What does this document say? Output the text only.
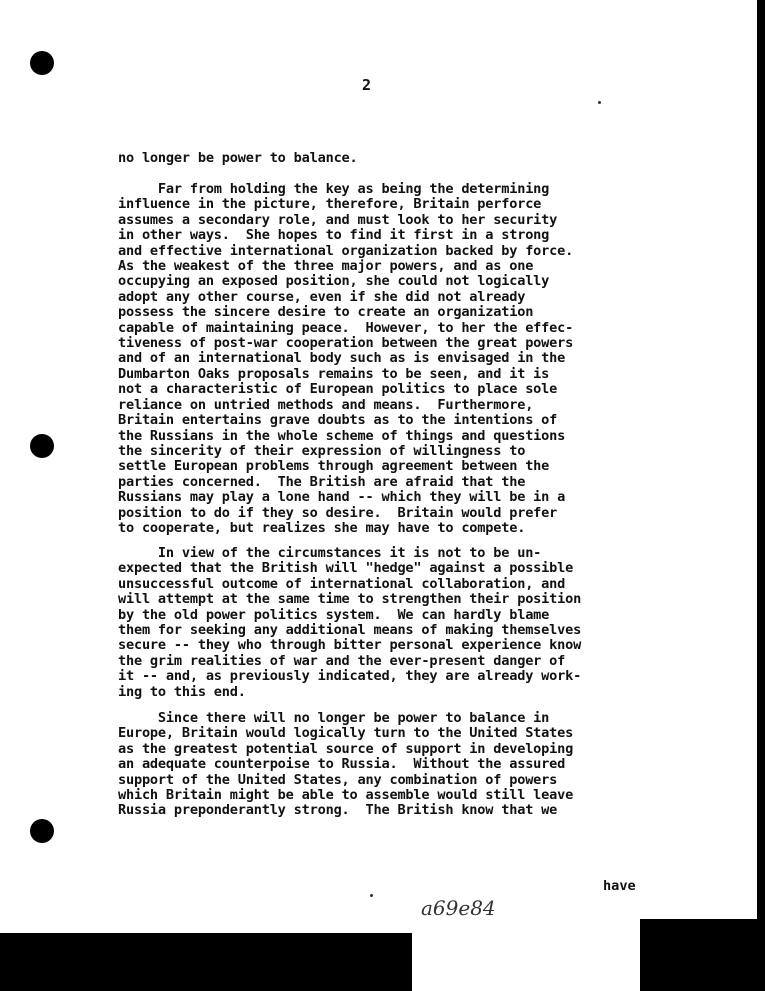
2
no longer be power to balance.
Far from holding the key as being the determining
influence in the picture, therefore, Britain perforce
assumes a secondary role, and must look to her security
in other ways.  She hopes to find it first in a strong
and effective international organization backed by force.
As the weakest of the three major powers, and as one
occupying an exposed position, she could not logically
adopt any other course, even if she did not already
possess the sincere desire to create an organization
capable of maintaining peace.  However, to her the effec-
tiveness of post-war cooperation between the great powers
and of an international body such as is envisaged in the
Dumbarton Oaks proposals remains to be seen, and it is
not a characteristic of European politics to place sole
reliance on untried methods and means.  Furthermore,
Britain entertains grave doubts as to the intentions of
the Russians in the whole scheme of things and questions
the sincerity of their expression of willingness to
settle European problems through agreement between the
parties concerned.  The British are afraid that the
Russians may play a lone hand -- which they will be in a
position to do if they so desire.  Britain would prefer
to cooperate, but realizes she may have to compete.
In view of the circumstances it is not to be un-
expected that the British will "hedge" against a possible
unsuccessful outcome of international collaboration, and
will attempt at the same time to strengthen their position
by the old power politics system.  We can hardly blame
them for seeking any additional means of making themselves
secure -- they who through bitter personal experience know
the grim realities of war and the ever-present danger of
it -- and, as previously indicated, they are already work-
ing to this end.
Since there will no longer be power to balance in
Europe, Britain would logically turn to the United States
as the greatest potential source of support in developing
an adequate counterpoise to Russia.  Without the assured
support of the United States, any combination of powers
which Britain might be able to assemble would still leave
Russia preponderantly strong.  The British know that we
have
a69e84
